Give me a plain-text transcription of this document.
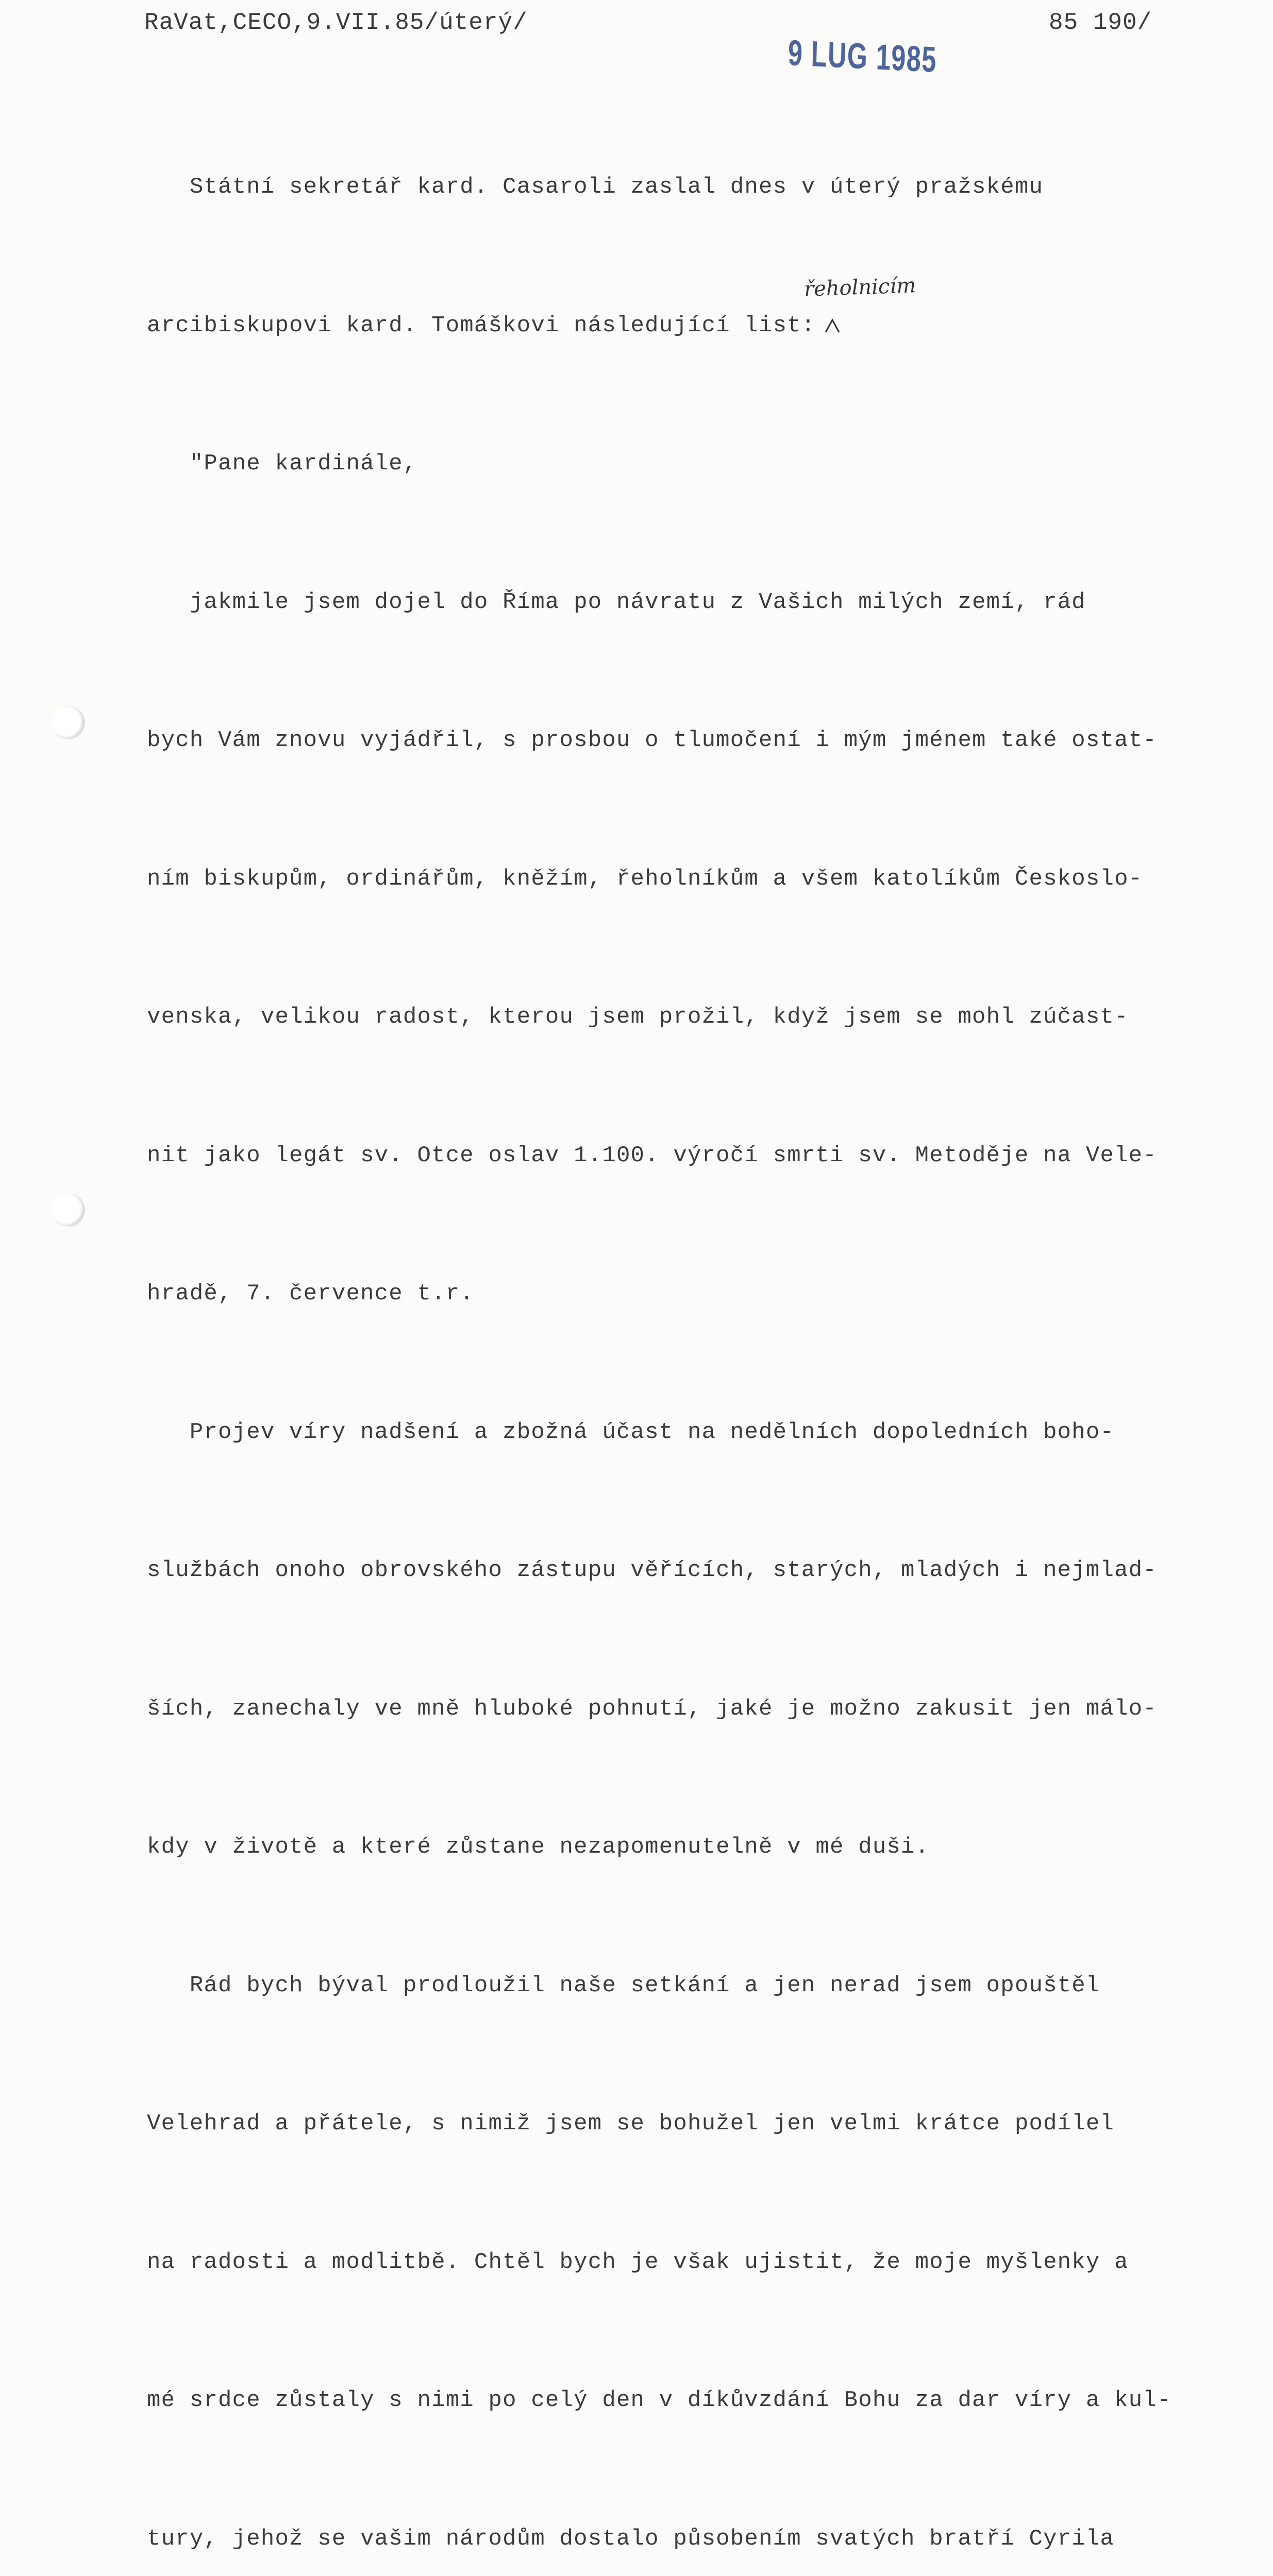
RaVat,CECO,9.VII.85/úterý/	85 190/
9 LUG 1985
řeholnicím

Státní sekretář kard. Casaroli zaslal dnes v úterý pražskému

arcibiskupovi kard. Tomáškovi následující list:

"Pane kardinále,

jakmile jsem dojel do Říma po návratu z Vašich milých zemí, rád

bych Vám znovu vyjádřil, s prosbou o tlumočení i mým jménem také ostat-

ním biskupům, ordinářům, kněžím, řeholníkům a všem katolíkům Českoslo-

venska, velikou radost, kterou jsem prožil, když jsem se mohl zúčast-

nit jako legát sv. Otce oslav 1.100. výročí smrti sv. Metoděje na Vele-

hradě, 7. července t.r.

Projev víry nadšení a zbožná účast na nedělních dopoledních boho-

službách onoho obrovského zástupu věřících, starých, mladých i nejmlad-

ších, zanechaly ve mně hluboké pohnutí, jaké je možno zakusit jen málo-

kdy v životě a které zůstane nezapomenutelně v mé duši.

Rád bych býval prodloužil naše setkání a jen nerad jsem opouštěl

Velehrad a přátele, s nimiž jsem se bohužel jen velmi krátce podílel

na radosti a modlitbě. Chtěl bych je však ujistit, že moje myšlenky a

mé srdce zůstaly s nimi po celý den v díkůvzdání Bohu za dar víry a kul-

tury, jehož se vašim národům dostalo působením svatých bratří Cyrila
